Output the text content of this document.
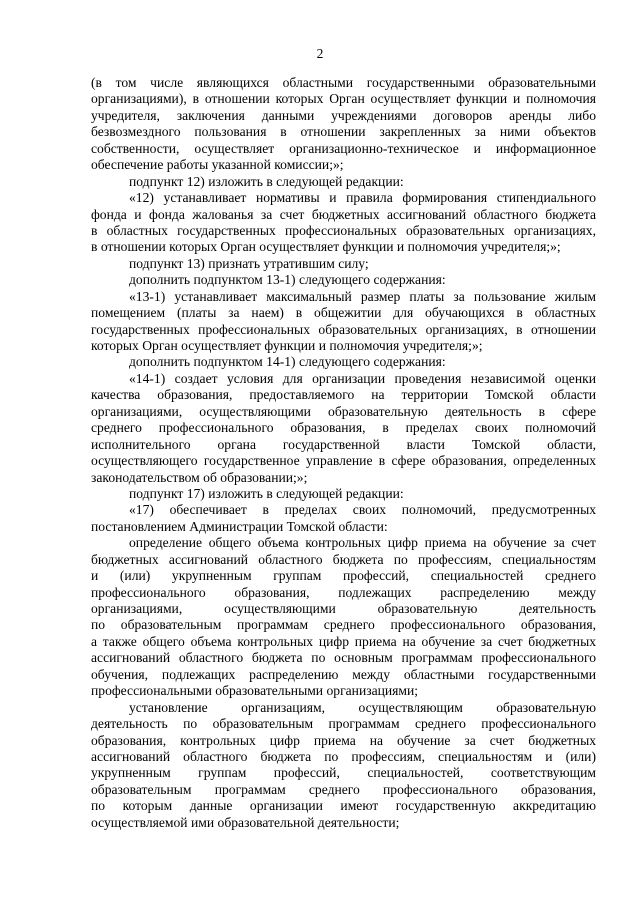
2
(в том числе являющихся областными государственными образовательными
организациями), в отношении которых Орган осуществляет функции и полномочия
учредителя, заключения данными учреждениями договоров аренды либо
безвозмездного пользования в отношении закрепленных за ними объектов
собственности, осуществляет организационно-техническое и информационное
обеспечение работы указанной комиссии;»;
подпункт 12) изложить в следующей редакции:
«12) устанавливает нормативы и правила формирования стипендиального
фонда и фонда жалованья за счет бюджетных ассигнований областного бюджета
в областных государственных профессиональных образовательных организациях,
в отношении которых Орган осуществляет функции и полномочия учредителя;»;
подпункт 13) признать утратившим силу;
дополнить подпунктом 13-1) следующего содержания:
«13-1) устанавливает максимальный размер платы за пользование жилым
помещением (платы за наем) в общежитии для обучающихся в областных
государственных профессиональных образовательных организациях, в отношении
которых Орган осуществляет функции и полномочия учредителя;»;
дополнить подпунктом 14-1) следующего содержания:
«14-1) создает условия для организации проведения независимой оценки
качества образования, предоставляемого на территории Томской области
организациями, осуществляющими образовательную деятельность в сфере
среднего профессионального образования, в пределах своих полномочий
исполнительного органа государственной власти Томской области,
осуществляющего государственное управление в сфере образования, определенных
законодательством об образовании;»;
подпункт 17) изложить в следующей редакции:
«17) обеспечивает в пределах своих полномочий, предусмотренных
постановлением Администрации Томской области:
определение общего объема контрольных цифр приема на обучение за счет
бюджетных ассигнований областного бюджета по профессиям, специальностям
и (или) укрупненным группам профессий, специальностей среднего
профессионального образования, подлежащих распределению между
организациями, осуществляющими образовательную деятельность
по образовательным программам среднего профессионального образования,
а также общего объема контрольных цифр приема на обучение за счет бюджетных
ассигнований областного бюджета по основным программам профессионального
обучения, подлежащих распределению между областными государственными
профессиональными образовательными организациями;
установление организациям, осуществляющим образовательную
деятельность по образовательным программам среднего профессионального
образования, контрольных цифр приема на обучение за счет бюджетных
ассигнований областного бюджета по профессиям, специальностям и (или)
укрупненным группам профессий, специальностей, соответствующим
образовательным программам среднего профессионального образования,
по которым данные организации имеют государственную аккредитацию
осуществляемой ими образовательной деятельности;
